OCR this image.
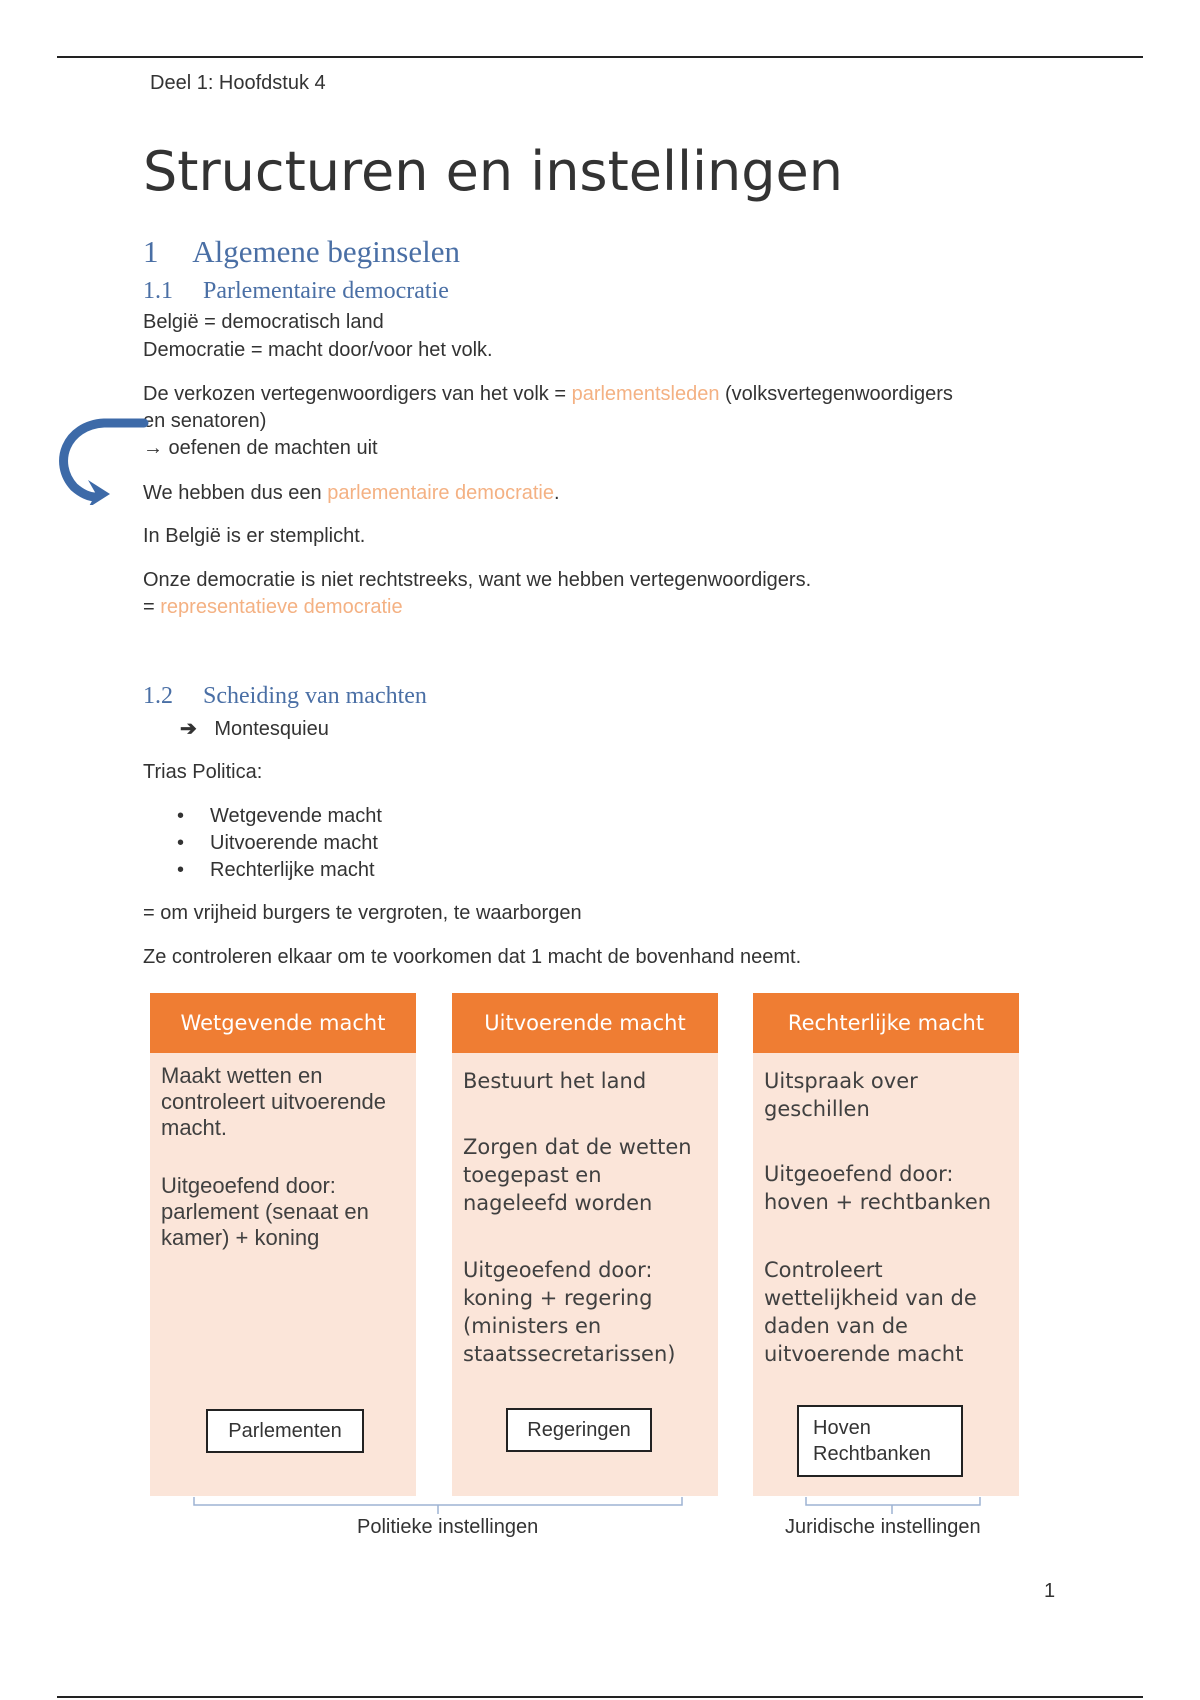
Deel 1: Hoofdstuk 4
Structuren en instellingen
1 Algemene beginselen
1.1 Parlementaire democratie
België = democratisch land
Democratie = macht door/voor het volk.
De verkozen vertegenwoordigers van het volk = parlementsleden (volksvertegenwoordigers
en senatoren)
→ oefenen de machten uit
We hebben dus een parlementaire democratie.
In België is er stemplicht.
Onze democratie is niet rechtstreeks, want we hebben vertegenwoordigers.
= representatieve democratie
1.2 Scheiding van machten
➔ Montesquieu
Trias Politica:
• Wetgevende macht
• Uitvoerende macht
• Rechterlijke macht
= om vrijheid burgers te vergroten, te waarborgen
Ze controleren elkaar om te voorkomen dat 1 macht de bovenhand neemt.
Wetgevende macht
Maakt wetten en controleert uitvoerende macht.
Uitgeoefend door: parlement (senaat en kamer) + koning
Parlementen
Uitvoerende macht
Bestuurt het land
Zorgen dat de wetten toegepast en nageleefd worden
Uitgeoefend door: koning + regering (ministers en staatssecretarissen)
Regeringen
Rechterlijke macht
Uitspraak over geschillen
Uitgeoefend door: hoven + rechtbanken
Controleert wettelijkheid van de daden van de uitvoerende macht
Hoven
Rechtbanken
Politieke instellingen	Juridische instellingen
1
